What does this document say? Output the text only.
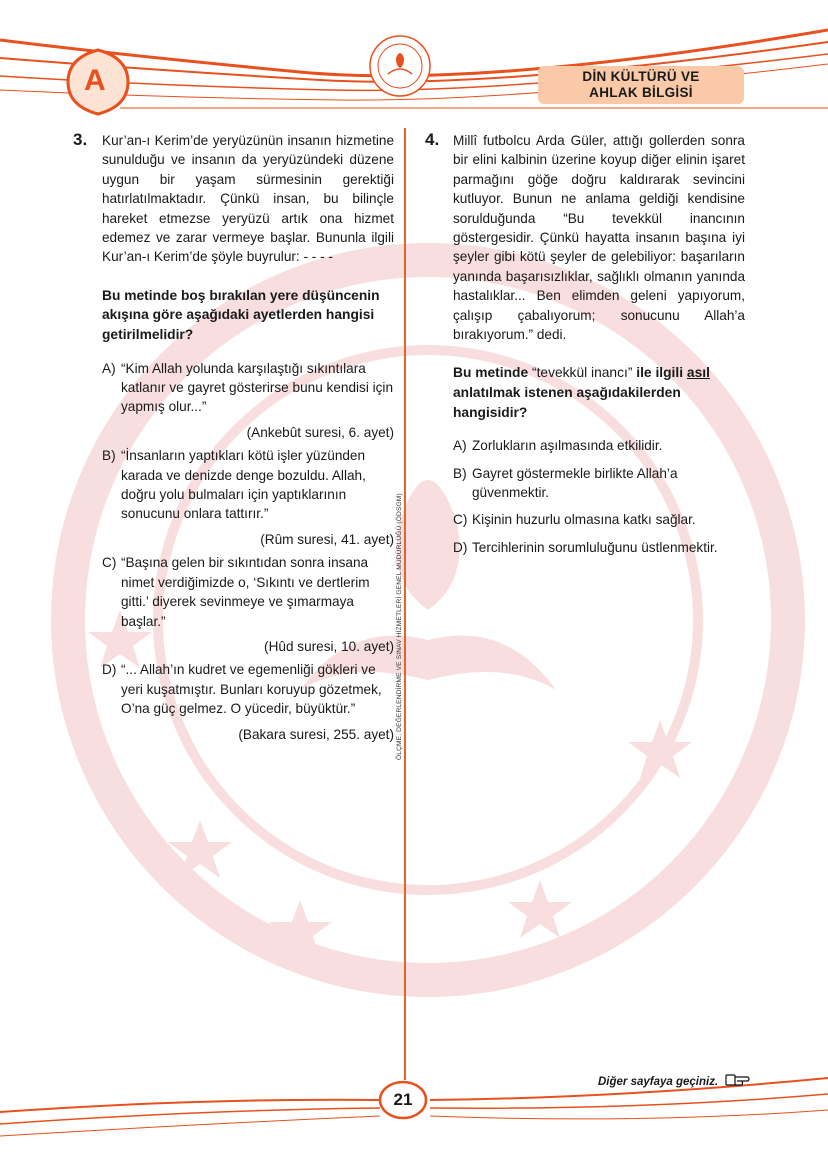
A	DİN KÜLTÜRÜ VE
AHLAK BİLGİSİ
ÖLÇME, DEĞERLENDİRME VE SINAV HİZMETLERİ GENEL MÜDÜRLÜĞÜ (ÖDSGM)
3. Kur’an-ı Kerim’de yeryüzünün insanın hizmetine sunulduğu ve insanın da yeryüzündeki düzene uygun bir yaşam sürmesinin gerektiği hatırlatılmaktadır. Çünkü insan, bu bilinçle hareket etmezse yeryüzü artık ona hizmet edemez ve zarar vermeye başlar. Bununla ilgili Kur’an-ı Kerim’de şöyle buyrulur: - - - -

Bu metinde boş bırakılan yere düşüncenin akışına göre aşağıdaki ayetlerden hangisi getirilmelidir?

A) “Kim Allah yolunda karşılaştığı sıkıntılara katlanır ve gayret gösterirse bunu kendisi için yapmış olur...”
(Ankebût suresi, 6. ayet)
B) “İnsanların yaptıkları kötü işler yüzünden karada ve denizde denge bozuldu. Allah, doğru yolu bulmaları için yaptıklarının sonucunu onlara tattırır.”
(Rûm suresi, 41. ayet)
C) “Başına gelen bir sıkıntıdan sonra insana nimet verdiğimizde o, ‘Sıkıntı ve dertlerim gitti.’ diyerek sevinmeye ve şımarmaya başlar.”
(Hûd suresi, 10. ayet)
D) “... Allah’ın kudret ve egemenliği gökleri ve yeri kuşatmıştır. Bunları koruyup gözetmek, O’na güç gelmez. O yücedir, büyüktür.”
(Bakara suresi, 255. ayet)
4. Millî futbolcu Arda Güler, attığı gollerden sonra bir elini kalbinin üzerine koyup diğer elinin işaret parmağını göğe doğru kaldırarak sevincini kutluyor. Bunun ne anlama geldiği kendisine sorulduğunda “Bu tevekkül inancının göstergesidir. Çünkü hayatta insanın başına iyi şeyler gibi kötü şeyler de gelebiliyor: başarıların yanında başarısızlıklar, sağlıklı olmanın yanında hastalıklar... Ben elimden geleni yapıyorum, çalışıp çabalıyorum; sonucunu Allah’a bırakıyorum.” dedi.

Bu metinde “tevekkül inancı” ile ilgili asıl anlatılmak istenen aşağıdakilerden hangisidir?

A) Zorlukların aşılmasında etkilidir.
B) Gayret göstermekle birlikte Allah’a güvenmektir.
C) Kişinin huzurlu olmasına katkı sağlar.
D) Tercihlerinin sorumluluğunu üstlenmektir.
Diğer sayfaya geçiniz.
21
